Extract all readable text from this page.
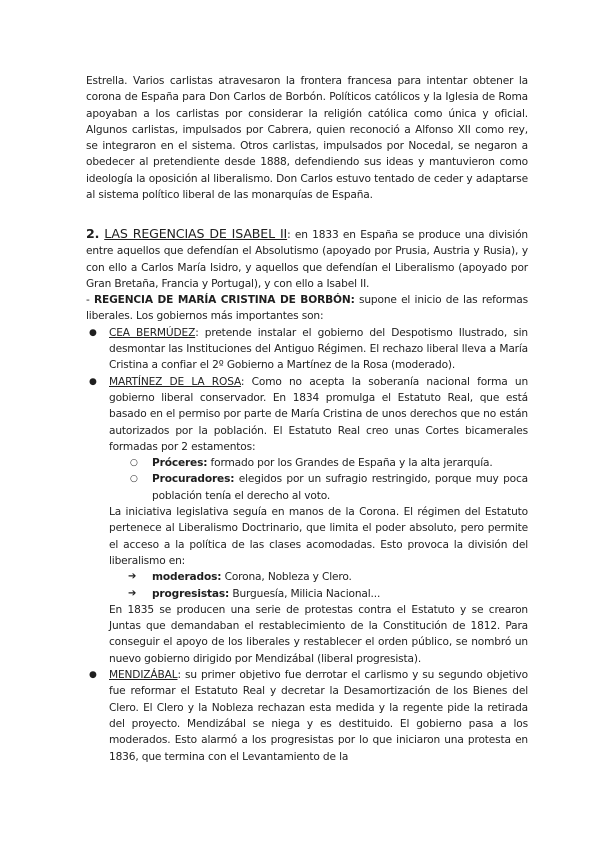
Estrella. Varios carlistas atravesaron la frontera francesa para intentar obtener la corona de España para Don Carlos de Borbón. Políticos católicos y la Iglesia de Roma apoyaban a los carlistas por considerar la religión católica como única y oficial. Algunos carlistas, impulsados por Cabrera, quien reconoció a Alfonso XII como rey, se integraron en el sistema. Otros carlistas, impulsados por Nocedal, se negaron a obedecer al pretendiente desde 1888, defendiendo sus ideas y mantuvieron como ideología la oposición al liberalismo. Don Carlos estuvo tentado de ceder y adaptarse al sistema político liberal de las monarquías de España.

2. LAS REGENCIAS DE ISABEL II: en 1833 en España se produce una división entre aquellos que defendían el Absolutismo (apoyado por Prusia, Austria y Rusia), y con ello a Carlos María Isidro, y aquellos que defendían el Liberalismo (apoyado por Gran Bretaña, Francia y Portugal), y con ello a Isabel II.

- REGENCIA DE MARÍA CRISTINA DE BORBÓN: supone el inicio de las reformas liberales. Los gobiernos más importantes son:

● CEA BERMÚDEZ: pretende instalar el gobierno del Despotismo Ilustrado, sin desmontar las Instituciones del Antiguo Régimen. El rechazo liberal lleva a María Cristina a confiar el 2º Gobierno a Martínez de la Rosa (moderado).
● MARTÍNEZ DE LA ROSA: Como no acepta la soberanía nacional forma un gobierno liberal conservador. En 1834 promulga el Estatuto Real, que está basado en el permiso por parte de María Cristina de unos derechos que no están autorizados por la población. El Estatuto Real creo unas Cortes bicamerales formadas por 2 estamentos:
○ Próceres: formado por los Grandes de España y la alta jerarquía.
○ Procuradores: elegidos por un sufragio restringido, porque muy poca población tenía el derecho al voto.

La iniciativa legislativa seguía en manos de la Corona. El régimen del Estatuto pertenece al Liberalismo Doctrinario, que limita el poder absoluto, pero permite el acceso a la política de las clases acomodadas. Esto provoca la división del liberalismo en:

➔ moderados: Corona, Nobleza y Clero.
➔ progresistas: Burguesía, Milicia Nacional...

En 1835 se producen una serie de protestas contra el Estatuto y se crearon Juntas que demandaban el restablecimiento de la Constitución de 1812. Para conseguir el apoyo de los liberales y restablecer el orden público, se nombró un nuevo gobierno dirigido por Mendizábal (liberal progresista).

● MENDIZÁBAL: su primer objetivo fue derrotar el carlismo y su segundo objetivo fue reformar el Estatuto Real y decretar la Desamortización de los Bienes del Clero. El Clero y la Nobleza rechazan esta medida y la regente pide la retirada del proyecto. Mendizábal se niega y es destituido. El gobierno pasa a los moderados. Esto alarmó a los progresistas por lo que iniciaron una protesta en 1836, que termina con el Levantamiento de la
